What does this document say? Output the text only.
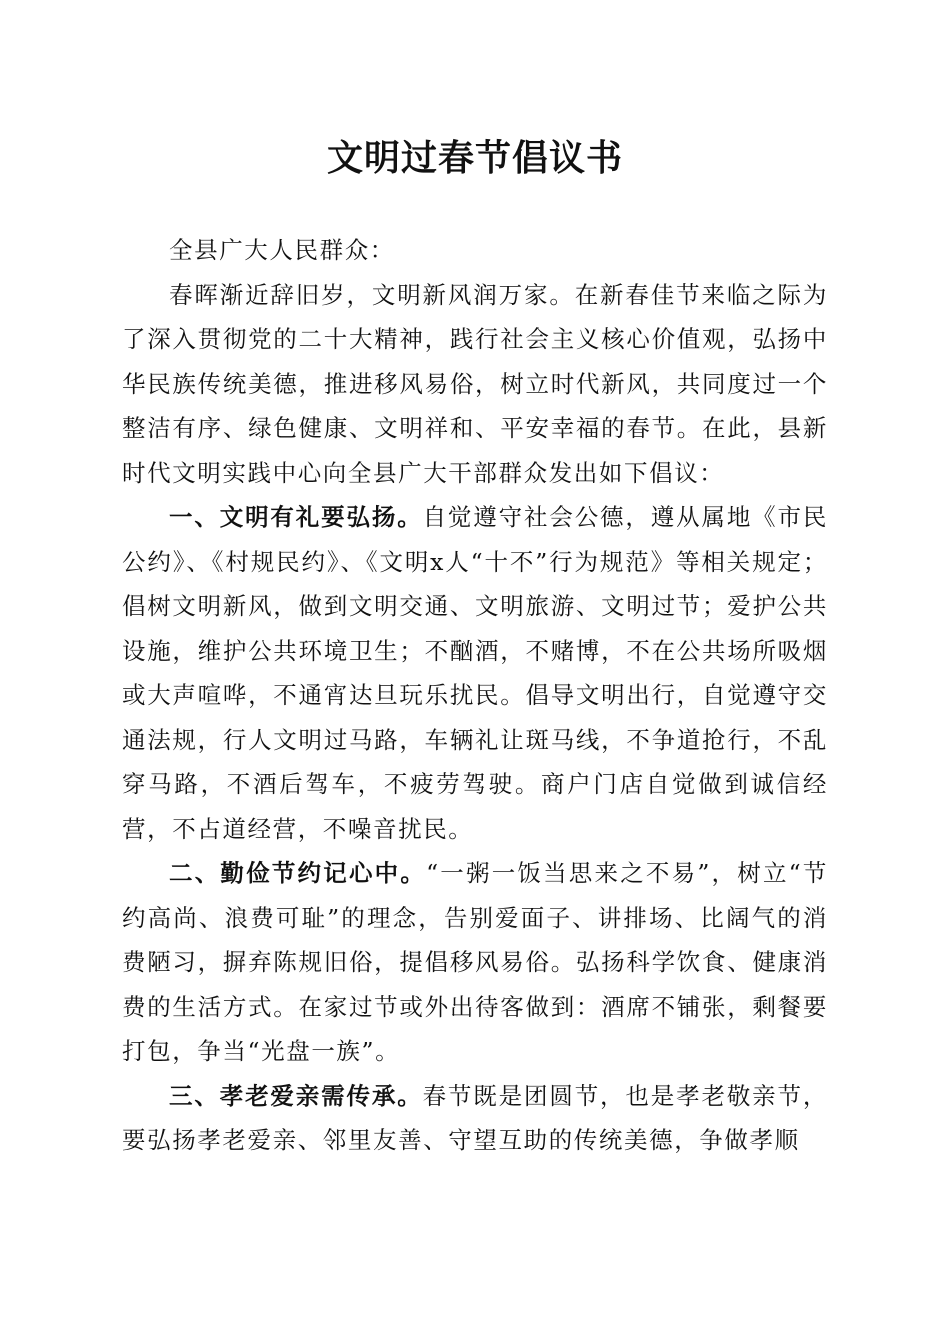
文明过春节倡议书

全县广大人民群众：

春晖渐近辞旧岁，文明新风润万家。在新春佳节来临之际为了深入贯彻党的二十大精神，践行社会主义核心价值观，弘扬中华民族传统美德，推进移风易俗，树立时代新风，共同度过一个整洁有序、绿色健康、文明祥和、平安幸福的春节。在此，县新时代文明实践中心向全县广大干部群众发出如下倡议：

一、文明有礼要弘扬。自觉遵守社会公德，遵从属地《市民公约》、《村规民约》、《文明x人“十不”行为规范》等相关规定；倡树文明新风，做到文明交通、文明旅游、文明过节；爱护公共设施，维护公共环境卫生；不酗酒，不赌博，不在公共场所吸烟或大声喧哗，不通宵达旦玩乐扰民。倡导文明出行，自觉遵守交通法规，行人文明过马路，车辆礼让斑马线，不争道抢行，不乱穿马路，不酒后驾车，不疲劳驾驶。商户门店自觉做到诚信经营，不占道经营，不噪音扰民。

二、勤俭节约记心中。“一粥一饭当思来之不易”，树立“节约高尚、浪费可耻”的理念，告别爱面子、讲排场、比阔气的消费陋习，摒弃陈规旧俗，提倡移风易俗。弘扬科学饮食、健康消费的生活方式。在家过节或外出待客做到：酒席不铺张，剩餐要打包，争当“光盘一族”。

三、孝老爱亲需传承。春节既是团圆节，也是孝老敬亲节，要弘扬孝老爱亲、邻里友善、守望互助的传统美德，争做孝顺
